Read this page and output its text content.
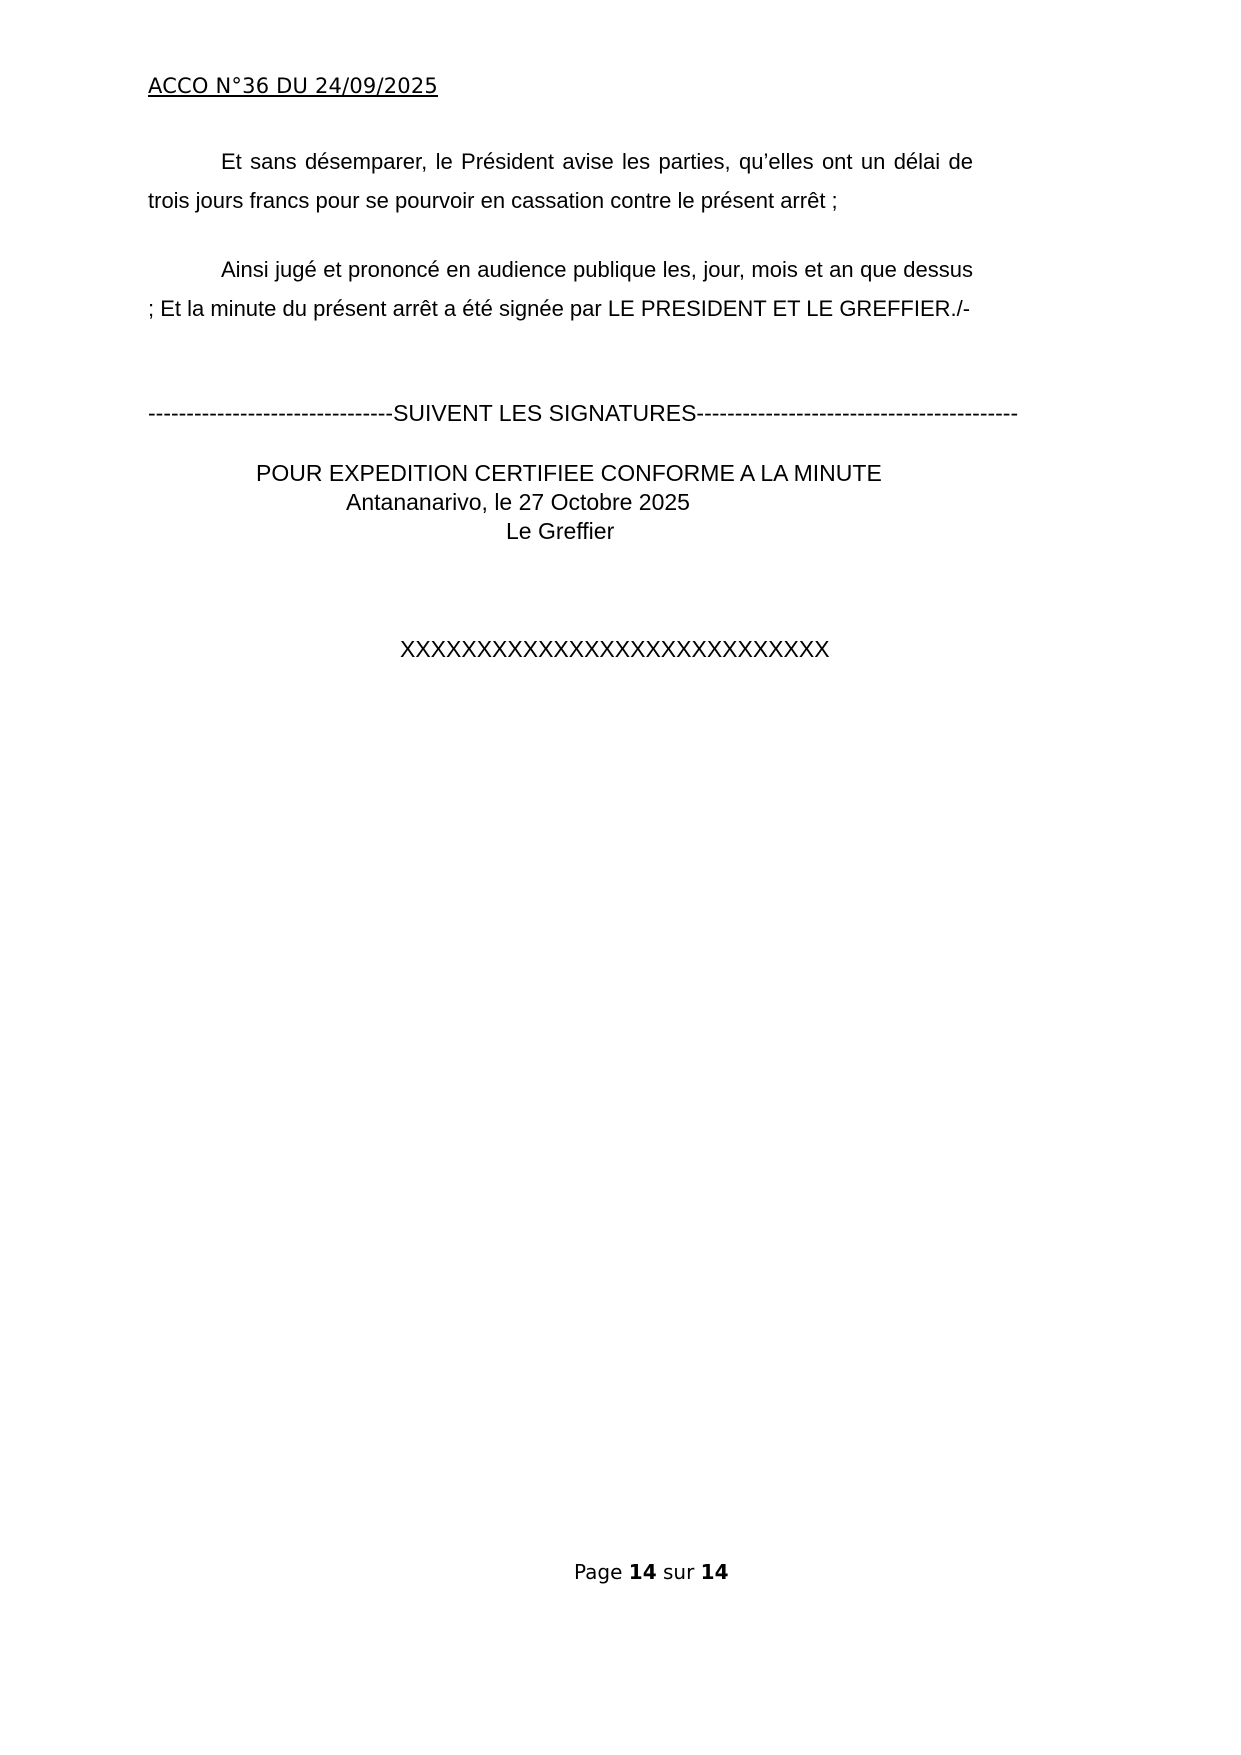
ACCO N°36 DU 24/09/2025

Et sans désemparer, le Président avise les parties, qu’elles ont un délai de trois jours francs pour se pourvoir en cassation contre le présent arrêt ;

Ainsi jugé et prononcé en audience publique les, jour, mois et an que dessus ; Et la minute du présent arrêt a été signée par LE PRESIDENT ET LE GREFFIER./-

--------------------------------SUIVENT LES SIGNATURES------------------------------------------
POUR EXPEDITION CERTIFIEE CONFORME A LA MINUTE
Antananarivo, le 27 Octobre 2025
Le Greffier
XXXXXXXXXXXXXXXXXXXXXXXXXXXX
Page 14 sur 14
